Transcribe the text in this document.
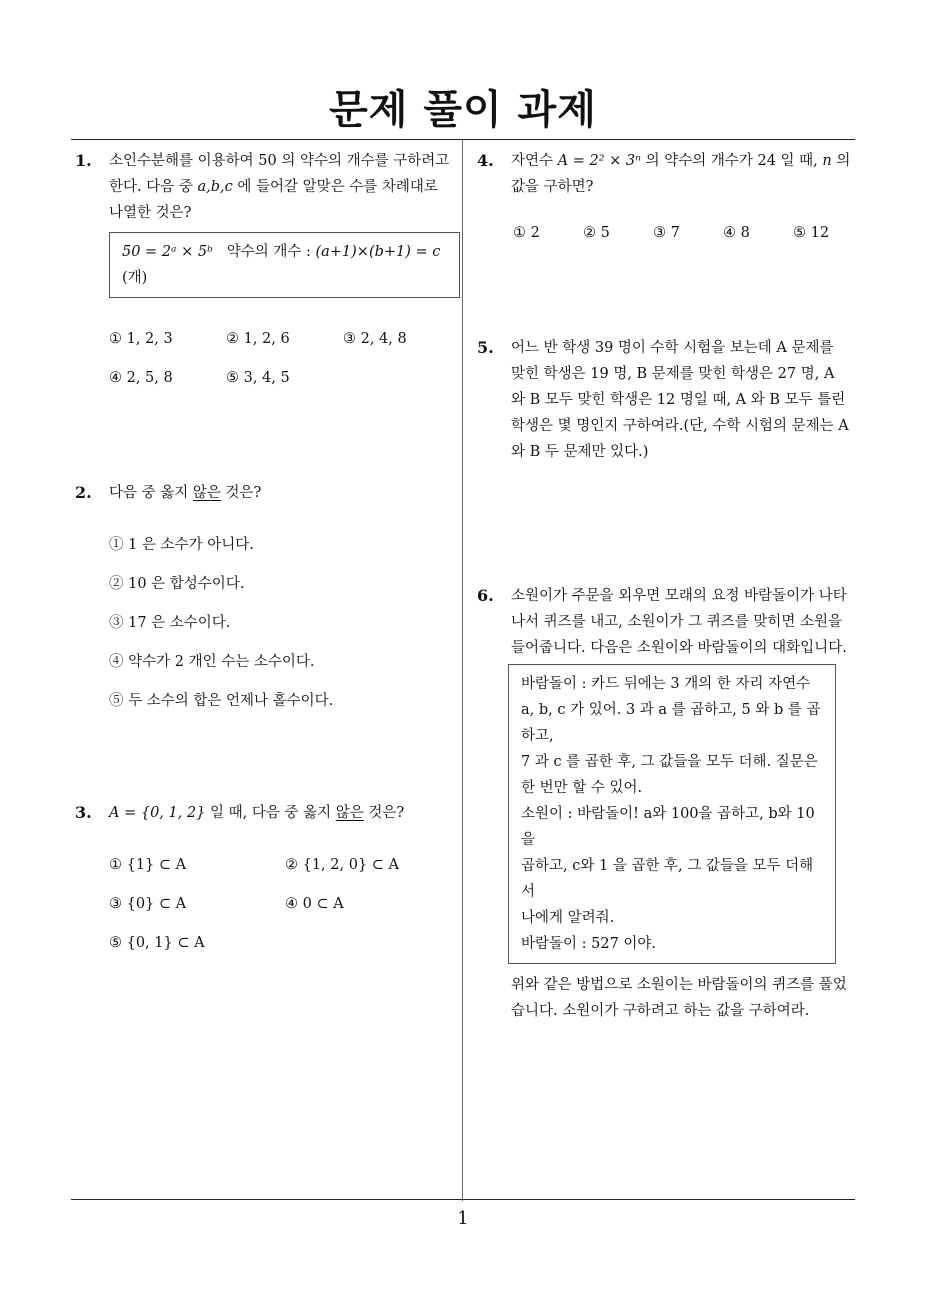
문제 풀이 과제
1. 소인수분해를 이용하여 50 의 약수의 개수를 구하려고
한다. 다음 중 a,b,c 에 들어갈 알맞은 수를 차례대로
나열한 것은?
50 = 2ᵃ × 5ᵇ 약수의 개수 : (a+1)×(b+1) = c
(개)
① 1, 2, 3	② 1, 2, 6	③ 2, 4, 8
④ 2, 5, 8	⑤ 3, 4, 5
2. 다음 중 옳지 않은 것은?
① 1 은 소수가 아니다.
② 10 은 합성수이다.
③ 17 은 소수이다.
④ 약수가 2 개인 수는 소수이다.
⑤ 두 소수의 합은 언제나 홀수이다.
3. A = {0, 1, 2} 일 때, 다음 중 옳지 않은 것은?
① {1} ⊂ A	② {1, 2, 0} ⊂ A
③ {0} ⊂ A	④ 0 ⊂ A
⑤ {0, 1} ⊂ A
4. 자연수 A = 2² × 3ⁿ 의 약수의 개수가 24 일 때, n 의
값을 구하면?
① 2	② 5	③ 7	④ 8	⑤ 12
5. 어느 반 학생 39 명이 수학 시험을 보는데 A 문제를
맞힌 학생은 19 명, B 문제를 맞힌 학생은 27 명, A
와 B 모두 맞힌 학생은 12 명일 때, A 와 B 모두 틀린
학생은 몇 명인지 구하여라.(단, 수학 시험의 문제는 A
와 B 두 문제만 있다.)
6. 소원이가 주문을 외우면 모래의 요정 바람돌이가 나타
나서 퀴즈를 내고, 소원이가 그 퀴즈를 맞히면 소원을
들어줍니다. 다음은 소원이와 바람돌이의 대화입니다.
바람돌이 : 카드 뒤에는 3 개의 한 자리 자연수
a, b, c 가 있어. 3 과 a 를 곱하고, 5 와 b 를 곱하고,
7 과 c 를 곱한 후, 그 값들을 모두 더해. 질문은
한 번만 할 수 있어.
소원이 : 바람돌이! a와 100을 곱하고, b와 10 을
곱하고, c와 1 을 곱한 후, 그 값들을 모두 더해서
나에게 알려줘.
바람돌이 : 527 이야.
위와 같은 방법으로 소원이는 바람돌이의 퀴즈를 풀었
습니다. 소원이가 구하려고 하는 값을 구하여라.
1
